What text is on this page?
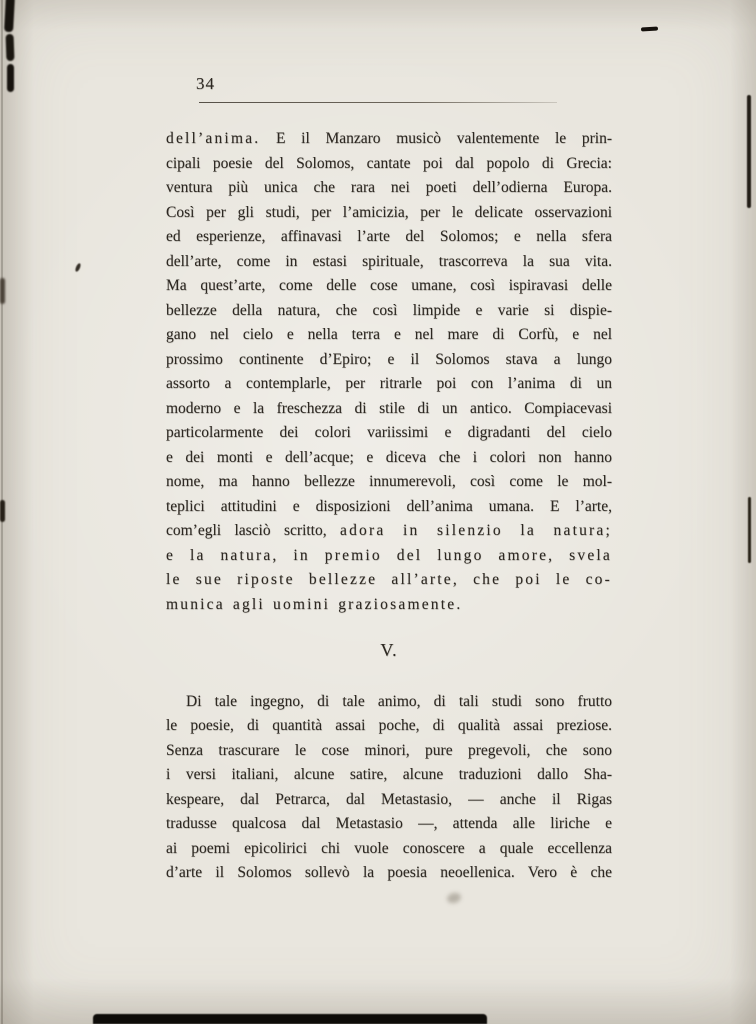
34
dell’anima. E il Manzaro musicò valentemente le prin-
cipali poesie del Solomos, cantate poi dal popolo di Grecia:
ventura più unica che rara nei poeti dell’odierna Europa.
Così per gli studi, per l’amicizia, per le delicate osservazioni
ed esperienze, affinavasi l’arte del Solomos; e nella sfera
dell’arte, come in estasi spirituale, trascorreva la sua vita.
Ma quest’arte, come delle cose umane, così ispiravasi delle
bellezze della natura, che così limpide e varie si dispie-
gano nel cielo e nella terra e nel mare di Corfù, e nel
prossimo continente d’Epiro; e il Solomos stava a lungo
assorto a contemplarle, per ritrarle poi con l’anima di un
moderno e la freschezza di stile di un antico. Compiacevasi
particolarmente dei colori variissimi e digradanti del cielo
e dei monti e dell’acque; e diceva che i colori non hanno
nome, ma hanno bellezze innumerevoli, così come le mol-
teplici attitudini e disposizioni dell’anima umana. E l’arte,
com’egli lasciò scritto, adora in silenzio la natura;
e la natura, in premio del lungo amore, svela
le sue riposte bellezze all’arte, che poi le co-
munica agli uomini graziosamente.
V.
Di tale ingegno, di tale animo, di tali studi sono frutto
le poesie, di quantità assai poche, di qualità assai preziose.
Senza trascurare le cose minori, pure pregevoli, che sono
i versi italiani, alcune satire, alcune traduzioni dallo Sha-
kespeare, dal Petrarca, dal Metastasio, — anche il Rigas
tradusse qualcosa dal Metastasio —, attenda alle liriche e
ai poemi epicolirici chi vuole conoscere a quale eccellenza
d’arte il Solomos sollevò la poesia neoellenica. Vero è che
